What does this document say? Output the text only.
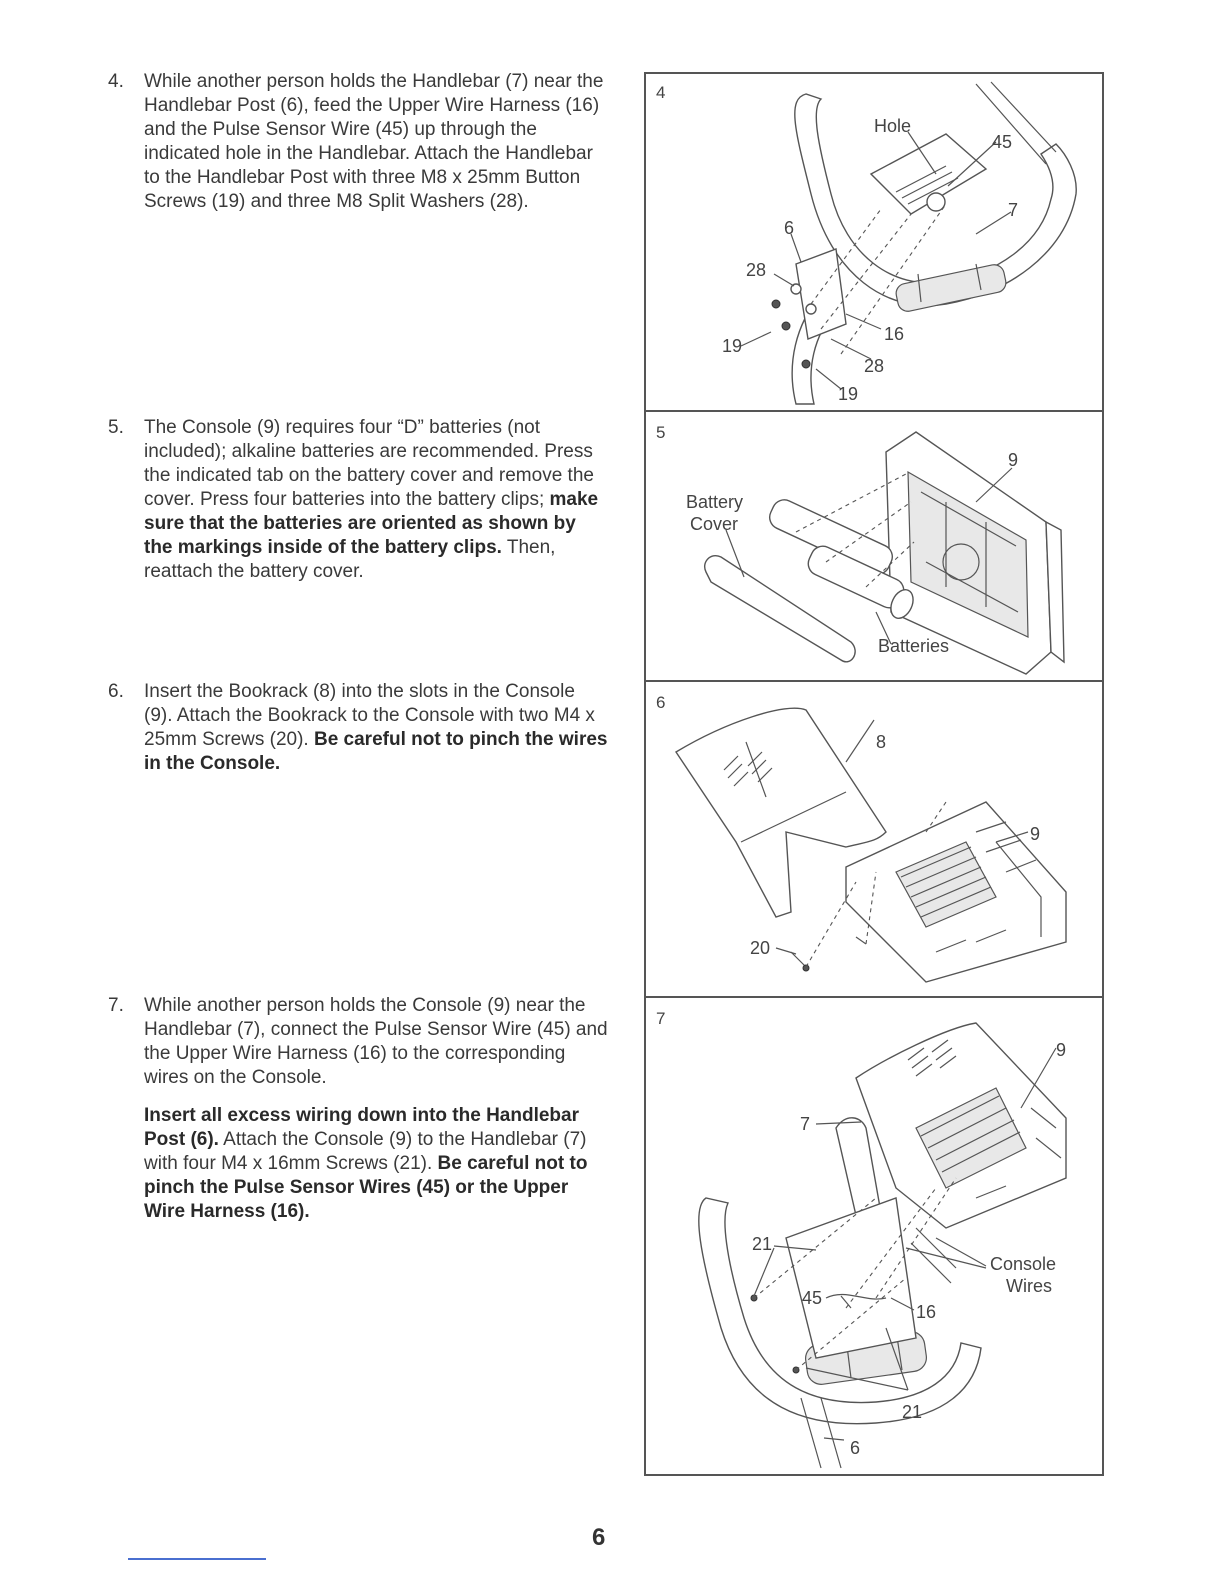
4. While another person holds the Handlebar (7) near the Handlebar Post (6), feed the Upper Wire Harness (16) and the Pulse Sensor Wire (45) up through the indicated hole in the Handlebar. Attach the Handlebar to the Handlebar Post with three M8 x 25mm Button Screws (19) and three M8 Split Washers (28).
5. The Console (9) requires four “D” batteries (not included); alkaline batteries are recommended. Press the indicated tab on the battery cover and remove the cover. Press four batteries into the battery clips; make sure that the batteries are oriented as shown by the markings inside of the battery clips. Then, reattach the battery cover.
6. Insert the Bookrack (8) into the slots in the Console (9). Attach the Bookrack to the Console with two M4 x 25mm Screws (20). Be careful not to pinch the wires in the Console.
7. While another person holds the Console (9) near the Handlebar (7), connect the Pulse Sensor Wire (45) and the Upper Wire Harness (16) to the corresponding wires on the Console.
Insert all excess wiring down into the Handlebar Post (6). Attach the Console (9) to the Handlebar (7) with four M4 x 16mm Screws (21). Be careful not to pinch the Pulse Sensor Wires (45) or the Upper Wire Harness (16).
4
Hole
45
7
6
28
19
16
28
19
5
Battery
Cover
9
Batteries
6
8
9
20
7
9
7
21
Console
Wires
45
16
21
6
6
